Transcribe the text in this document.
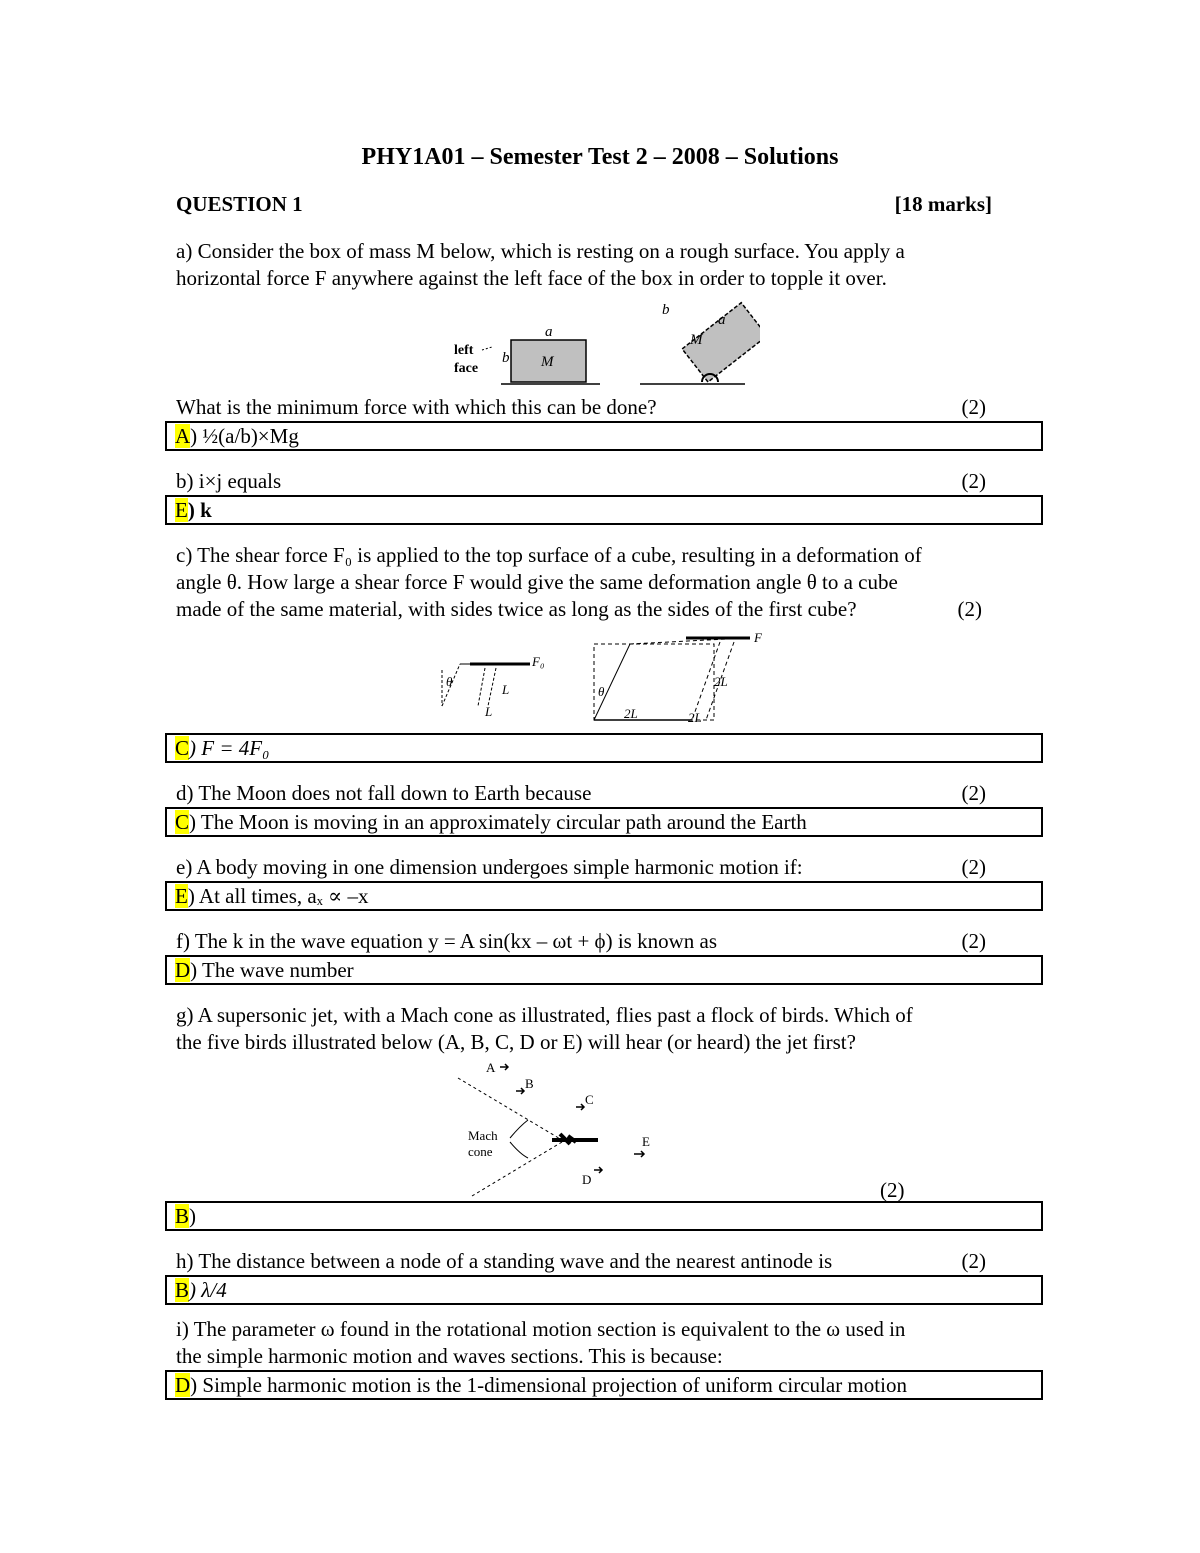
PHY1A01 – Semester Test 2 – 2008 – Solutions
QUESTION 1	[18 marks]
a) Consider the box of mass M below, which is resting on a rough surface. You apply a
horizontal force F anywhere against the left face of the box in order to topple it over.
left
face
a
b M
M
b
a
What is the minimum force with which this can be done?	(2)
A) ½(a/b)×Mg
b) i×j equals	(2)
E) k
c) The shear force F₀ is applied to the top surface of a cube, resulting in a deformation of
angle θ. How large a shear force F would give the same deformation angle θ to a cube
made of the same material, with sides twice as long as the sides of the first cube?	(2)
F₀
θ
L
L
F
θ
2L
2L	2L
C) F = 4F₀
d) The Moon does not fall down to Earth because	(2)
C) The Moon is moving in an approximately circular path around the Earth
e) A body moving in one dimension undergoes simple harmonic motion if:	(2)
E) At all times, aₓ ∝ –x
f) The k in the wave equation y = A sin(kx – ωt + ϕ) is known as	(2)
D) The wave number
g) A supersonic jet, with a Mach cone as illustrated, flies past a flock of birds. Which of
the five birds illustrated below (A, B, C, D or E) will hear (or heard) the jet first?
Mach
cone
A
B
C
D
E
(2)
B)
h) The distance between a node of a standing wave and the nearest antinode is	(2)
B) λ/4
i) The parameter ω found in the rotational motion section is equivalent to the ω used in
the simple harmonic motion and waves sections. This is because:
D) Simple harmonic motion is the 1-dimensional projection of uniform circular motion
